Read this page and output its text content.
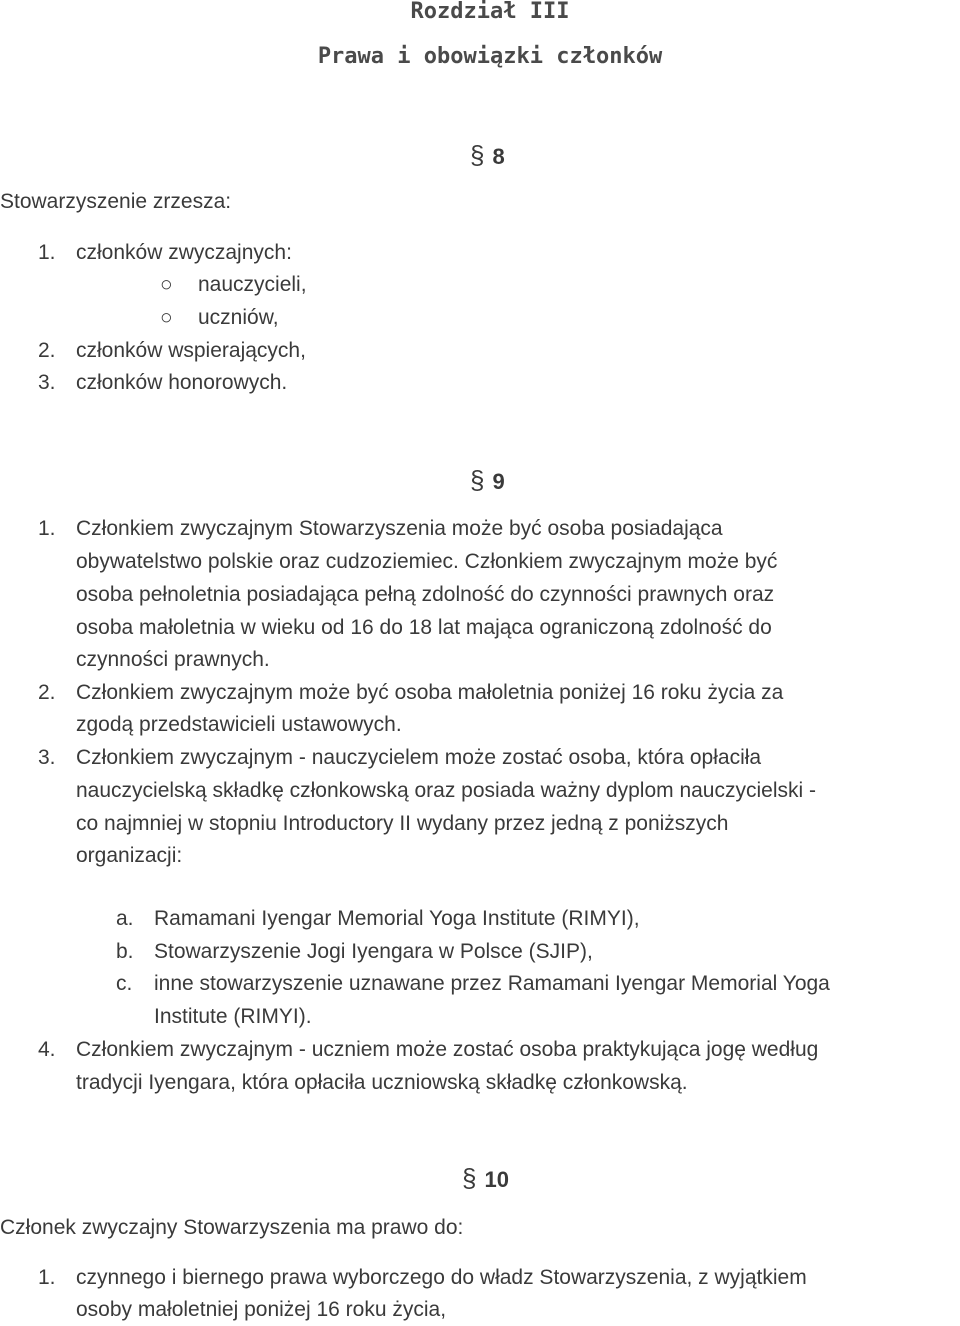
Rozdział III
Prawa i obowiązki członków
§ 8
Stowarzyszenie zrzesza:
1. członków zwyczajnych:
○ nauczycieli,
○ uczniów,
2. członków wspierających,
3. członków honorowych.
§ 9
1. Członkiem zwyczajnym Stowarzyszenia może być osoba posiadająca
obywatelstwo polskie oraz cudzoziemiec. Członkiem zwyczajnym może być
osoba pełnoletnia posiadająca pełną zdolność do czynności prawnych oraz
osoba małoletnia w wieku od 16 do 18 lat mająca ograniczoną zdolność do
czynności prawnych.
2. Członkiem zwyczajnym może być osoba małoletnia poniżej 16 roku życia za
zgodą przedstawicieli ustawowych.
3. Członkiem zwyczajnym - nauczycielem może zostać osoba, która opłaciła
nauczycielską składkę członkowską oraz posiada ważny dyplom nauczycielski -
co najmniej w stopniu Introductory II wydany przez jedną z poniższych
organizacji:
a. Ramamani Iyengar Memorial Yoga Institute (RIMYI),
b. Stowarzyszenie Jogi Iyengara w Polsce (SJIP),
c. inne stowarzyszenie uznawane przez Ramamani Iyengar Memorial Yoga
Institute (RIMYI).
4. Członkiem zwyczajnym - uczniem może zostać osoba praktykująca jogę według
tradycji Iyengara, która opłaciła uczniowską składkę członkowską.
§ 10
Członek zwyczajny Stowarzyszenia ma prawo do:
1. czynnego i biernego prawa wyborczego do władz Stowarzyszenia, z wyjątkiem
osoby małoletniej poniżej 16 roku życia,
